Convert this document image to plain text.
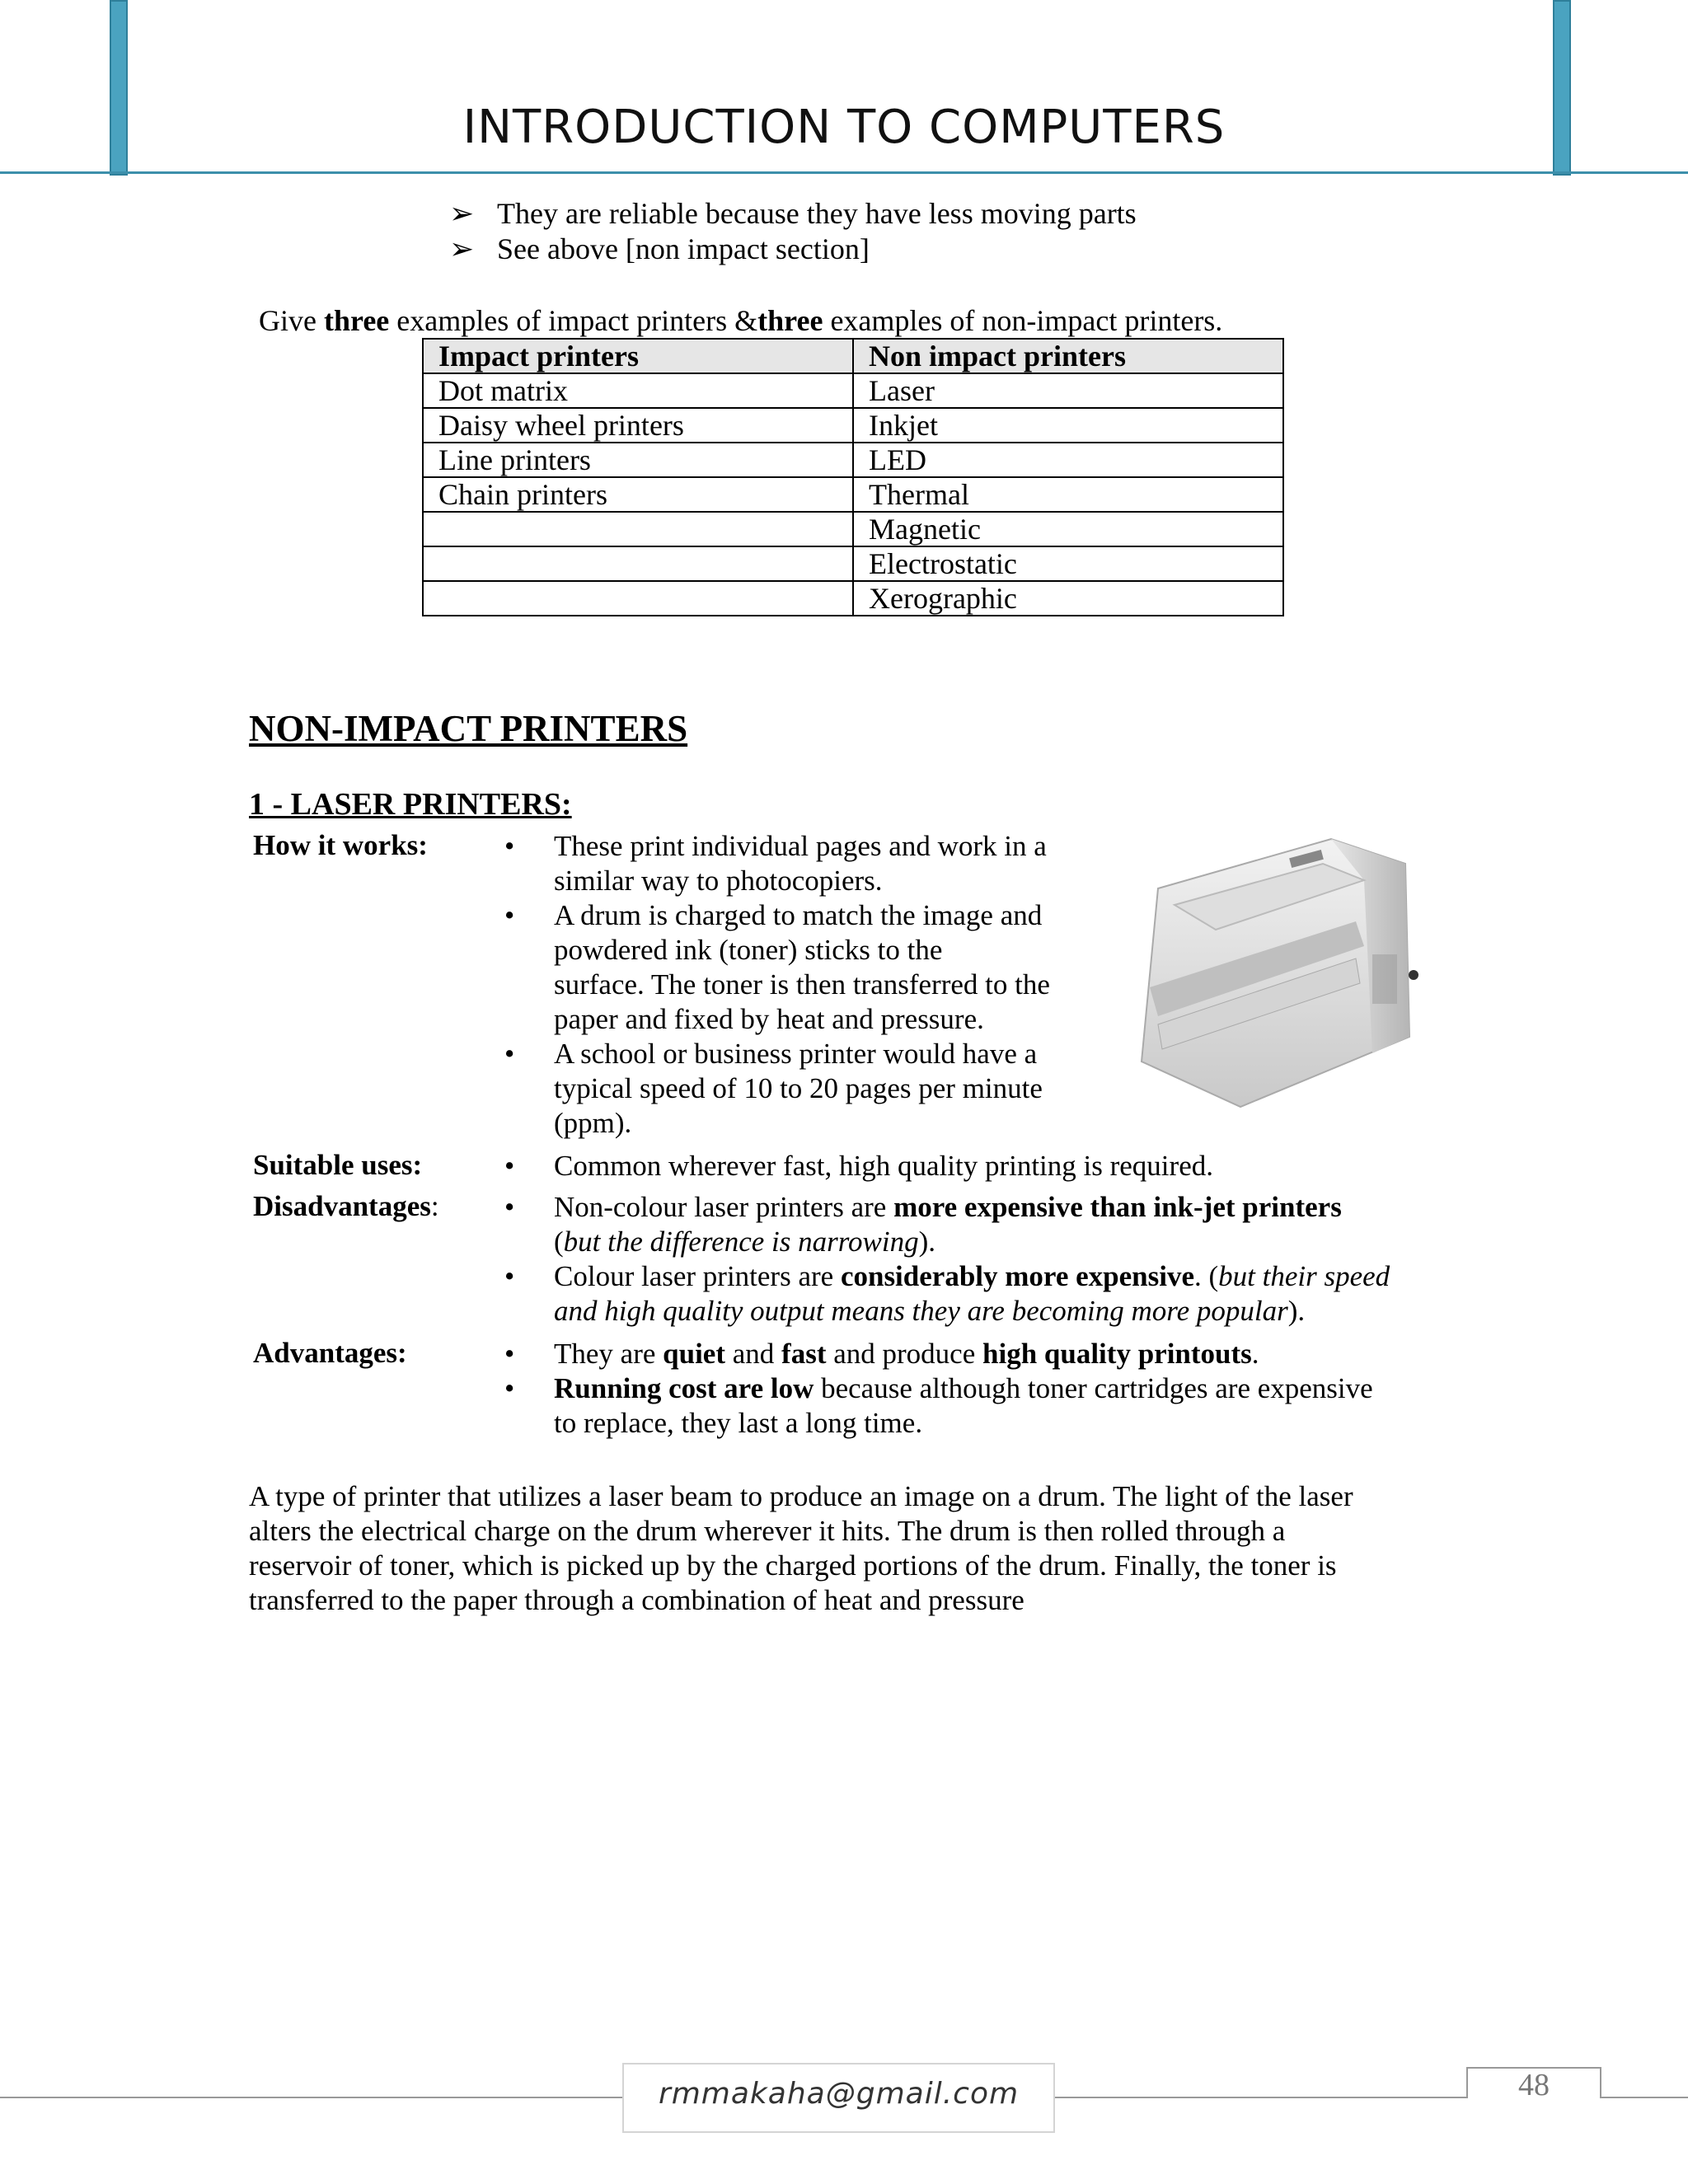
INTRODUCTION TO COMPUTERS
➢ They are reliable because they have less moving parts
➢ See above [non impact section]
Give three examples of impact printers &three examples of non-impact printers.
Impact printers	Non impact printers
Dot matrix	Laser
Daisy wheel printers	Inkjet
Line printers	LED
Chain printers	Thermal
	Magnetic
	Electrostatic
	Xerographic
NON-IMPACT PRINTERS
1 - LASER PRINTERS:
How it works:	• These print individual pages and work in a
similar way to photocopiers.
• A drum is charged to match the image and
powdered ink (toner) sticks to the
surface. The toner is then transferred to the
paper and fixed by heat and pressure.
• A school or business printer would have a
typical speed of 10 to 20 pages per minute
(ppm).
Suitable uses:	• Common wherever fast, high quality printing is required.
Disadvantages: • Non-colour laser printers are more expensive than ink-jet printers
(but the difference is narrowing).
• Colour laser printers are considerably more expensive. (but their speed
and high quality output means they are becoming more popular).
Advantages:	• They are quiet and fast and produce high quality printouts.
• Running cost are low because although toner cartridges are expensive
to replace, they last a long time.
A type of printer that utilizes a laser beam to produce an image on a drum. The light of the laser
alters the electrical charge on the drum wherever it hits. The drum is then rolled through a
reservoir of toner, which is picked up by the charged portions of the drum. Finally, the toner is
transferred to the paper through a combination of heat and pressure
rmmakaha@gmail.com	48
